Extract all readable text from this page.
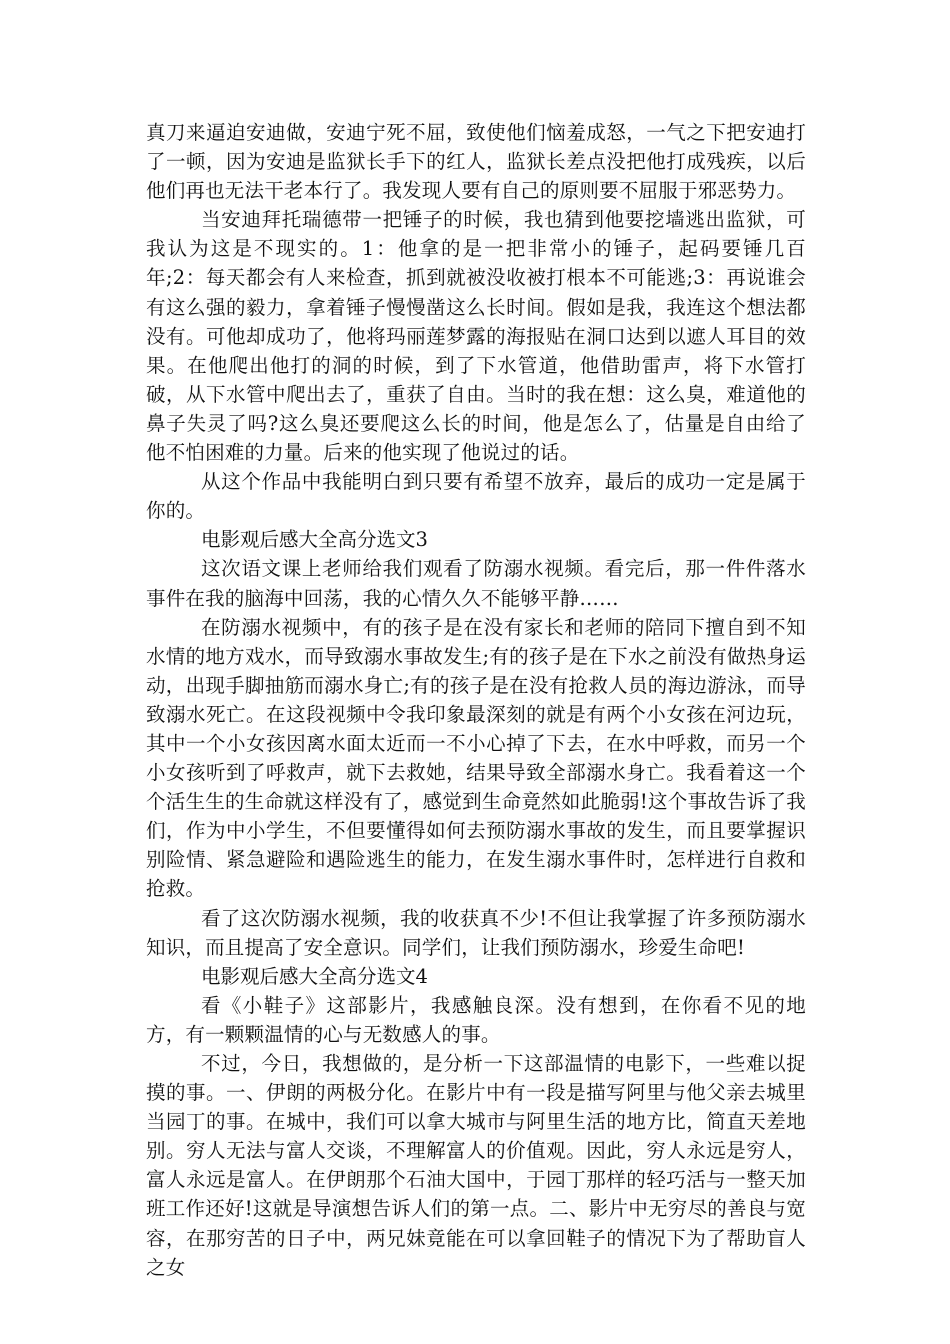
真刀来逼迫安迪做，安迪宁死不屈，致使他们恼羞成怒，一气之下把安迪打了一顿，因为安迪是监狱长手下的红人，监狱长差点没把他打成残疾，以后他们再也无法干老本行了。我发现人要有自己的原则要不屈服于邪恶势力。

当安迪拜托瑞德带一把锤子的时候，我也猜到他要挖墙逃出监狱，可我认为这是不现实的。1：他拿的是一把非常小的锤子，起码要锤几百年;2：每天都会有人来检查，抓到就被没收被打根本不可能逃;3：再说谁会有这么强的毅力，拿着锤子慢慢凿这么长时间。假如是我，我连这个想法都没有。可他却成功了，他将玛丽莲梦露的海报贴在洞口达到以遮人耳目的效果。在他爬出他打的洞的时候，到了下水管道，他借助雷声，将下水管打破，从下水管中爬出去了，重获了自由。当时的我在想：这么臭，难道他的鼻子失灵了吗?这么臭还要爬这么长的时间，他是怎么了，估量是自由给了他不怕困难的力量。后来的他实现了他说过的话。

从这个作品中我能明白到只要有希望不放弃，最后的成功一定是属于你的。

电影观后感大全高分选文3

这次语文课上老师给我们观看了防溺水视频。看完后，那一件件落水事件在我的脑海中回荡，我的心情久久不能够平静……

在防溺水视频中，有的孩子是在没有家长和老师的陪同下擅自到不知水情的地方戏水，而导致溺水事故发生;有的孩子是在下水之前没有做热身运动，出现手脚抽筋而溺水身亡;有的孩子是在没有抢救人员的海边游泳，而导致溺水死亡。在这段视频中令我印象最深刻的就是有两个小女孩在河边玩，其中一个小女孩因离水面太近而一不小心掉了下去，在水中呼救，而另一个小女孩听到了呼救声，就下去救她，结果导致全部溺水身亡。我看着这一个个活生生的生命就这样没有了，感觉到生命竟然如此脆弱!这个事故告诉了我们，作为中小学生，不但要懂得如何去预防溺水事故的发生，而且要掌握识别险情、紧急避险和遇险逃生的能力，在发生溺水事件时，怎样进行自救和抢救。

看了这次防溺水视频，我的收获真不少!不但让我掌握了许多预防溺水知识，而且提高了安全意识。同学们，让我们预防溺水，珍爱生命吧!

电影观后感大全高分选文4

看《小鞋子》这部影片，我感触良深。没有想到，在你看不见的地方，有一颗颗温情的心与无数感人的事。

不过，今日，我想做的，是分析一下这部温情的电影下，一些难以捉摸的事。一、伊朗的两极分化。在影片中有一段是描写阿里与他父亲去城里当园丁的事。在城中，我们可以拿大城市与阿里生活的地方比，简直天差地别。穷人无法与富人交谈，不理解富人的价值观。因此，穷人永远是穷人，富人永远是富人。在伊朗那个石油大国中，于园丁那样的轻巧活与一整天加班工作还好!这就是导演想告诉人们的第一点。二、影片中无穷尽的善良与宽容，在那穷苦的日子中，两兄妹竟能在可以拿回鞋子的情况下为了帮助盲人之女
